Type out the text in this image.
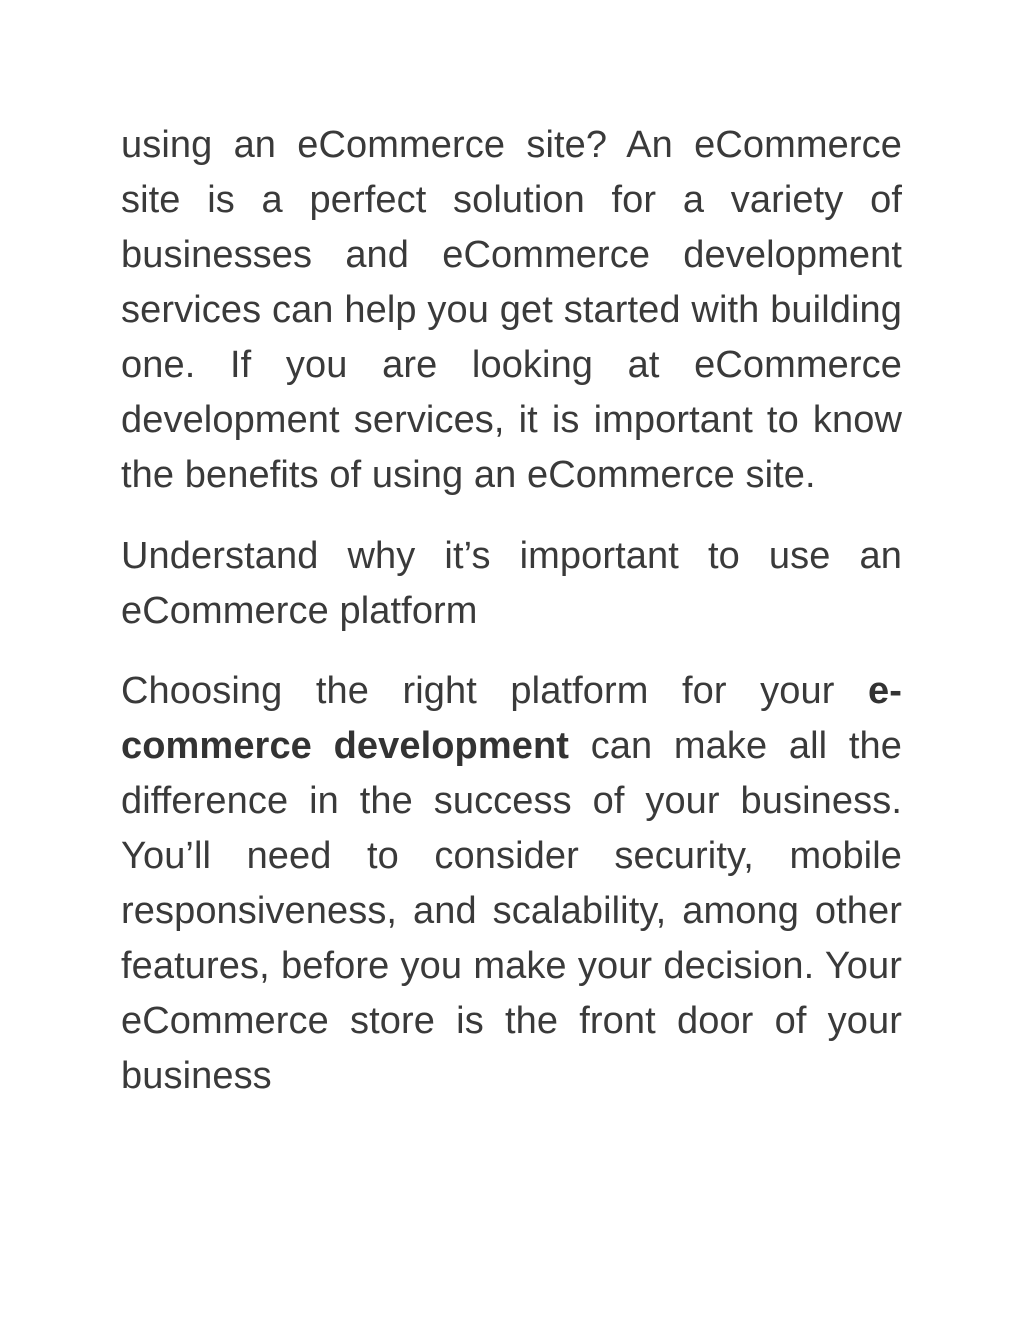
using an eCommerce site? An eCommerce site is a perfect solution for a variety of businesses and eCommerce development services can help you get started with building one. If you are looking at eCommerce development services, it is important to know the benefits of using an eCommerce site.

Understand why it’s important to use an eCommerce platform

Choosing the right platform for your e-commerce development can make all the difference in the success of your business. You’ll need to consider security, mobile responsiveness, and scalability, among other features, before you make your decision. Your eCommerce store is the front door of your business
